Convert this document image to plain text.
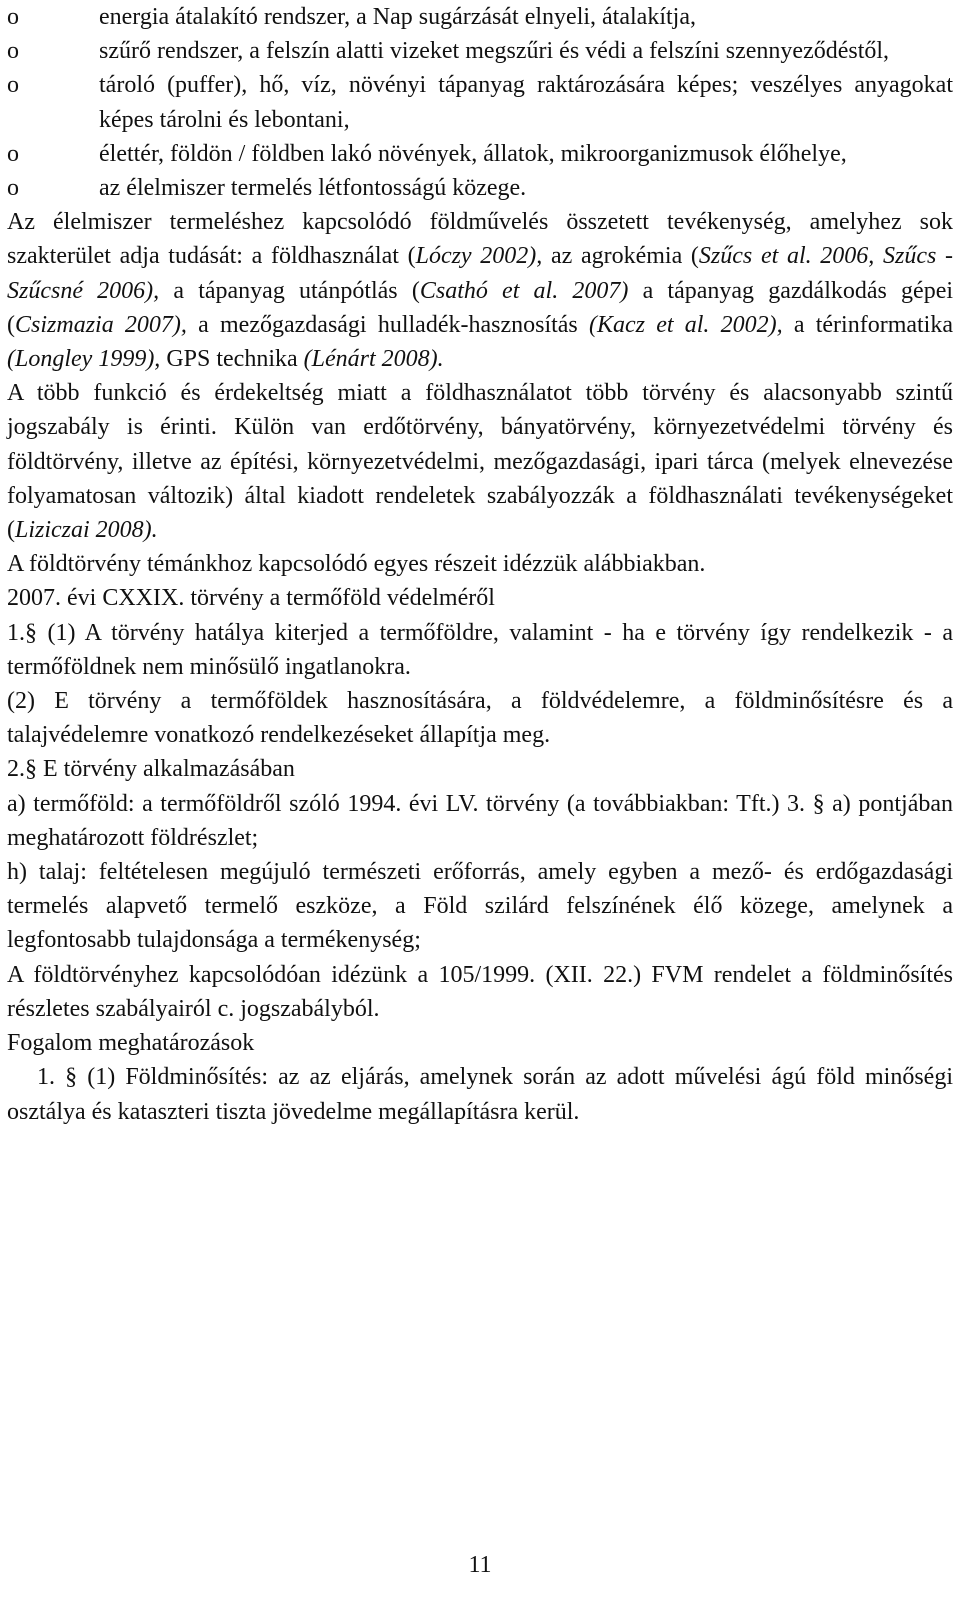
o	energia átalakító rendszer, a Nap sugárzását elnyeli, átalakítja,
o	szűrő rendszer, a felszín alatti vizeket megszűri és védi a felszíni szennyeződéstől,
o	tároló (puffer), hő, víz, növényi tápanyag raktározására képes; veszélyes anyagokat képes tárolni és lebontani,
o	élettér, földön / földben lakó növények, állatok, mikroorganizmusok élőhelye,
o	az élelmiszer termelés létfontosságú közege.

Az élelmiszer termeléshez kapcsolódó földművelés összetett tevékenység, amelyhez sok szakterület adja tudását: a földhasználat (Lóczy 2002), az agrokémia (Szűcs et al. 2006, Szűcs - Szűcsné 2006), a tápanyag utánpótlás (Csathó et al. 2007) a tápanyag gazdálkodás gépei (Csizmazia 2007), a mezőgazdasági hulladék-hasznosítás (Kacz et al. 2002), a térinformatika (Longley 1999), GPS technika (Lénárt 2008).

A több funkció és érdekeltség miatt a földhasználatot több törvény és alacsonyabb szintű jogszabály is érinti. Külön van erdőtörvény, bányatörvény, környezetvédelmi törvény és földtörvény, illetve az építési, környezetvédelmi, mezőgazdasági, ipari tárca (melyek elnevezése folyamatosan változik) által kiadott rendeletek szabályozzák a földhasználati tevékenységeket (Liziczai 2008).

A földtörvény témánkhoz kapcsolódó egyes részeit idézzük alábbiakban.

2007. évi CXXIX. törvény a termőföld védelméről

1.§ (1) A törvény hatálya kiterjed a termőföldre, valamint - ha e törvény így rendelkezik - a termőföldnek nem minősülő ingatlanokra.

(2) E törvény a termőföldek hasznosítására, a földvédelemre, a földminősítésre és a talajvédelemre vonatkozó rendelkezéseket állapítja meg.

2.§ E törvény alkalmazásában

a) termőföld: a termőföldről szóló 1994. évi LV. törvény (a továbbiakban: Tft.) 3. § a) pontjában meghatározott földrészlet;

h) talaj: feltételesen megújuló természeti erőforrás, amely egyben a mező- és erdőgazdasági termelés alapvető termelő eszköze, a Föld szilárd felszínének élő közege, amelynek a legfontosabb tulajdonsága a termékenység;

A földtörvényhez kapcsolódóan idézünk a 105/1999. (XII. 22.) FVM rendelet a földminősítés részletes szabályairól c. jogszabályból.

Fogalom meghatározások

1. § (1) Földminősítés: az az eljárás, amelynek során az adott művelési ágú föld minőségi osztálya és kataszteri tiszta jövedelme megállapításra kerül.

11
